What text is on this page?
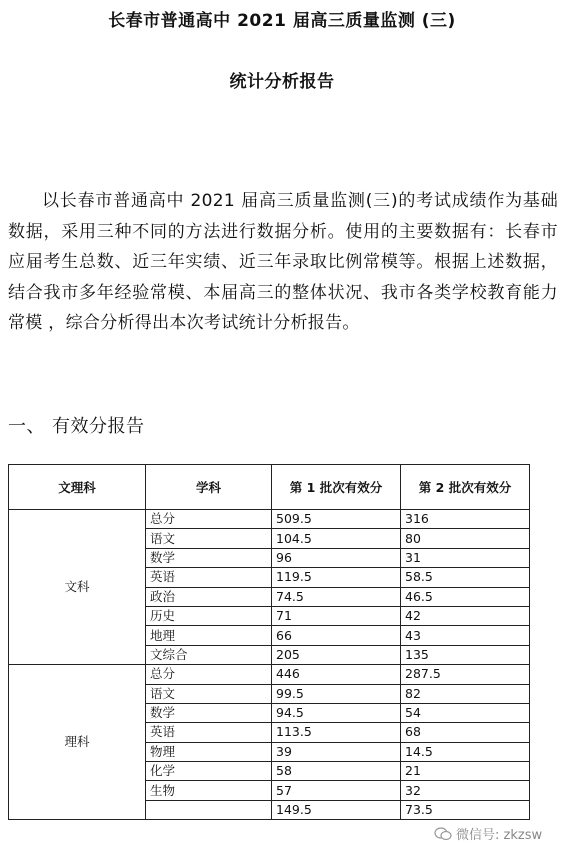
长春市普通高中 2021 届高三质量监测 (三)
统计分析报告
以长春市普通高中 2021 届高三质量监测(三)的考试成绩作为基础数据，采用三种不同的方法进行数据分析。使用的主要数据有：长春市应届考生总数、近三年实绩、近三年录取比例常模等。根据上述数据，结合我市多年经验常模、本届高三的整体状况、我市各类学校教育能力常模 ，综合分析得出本次考试统计分析报告。
一、 有效分报告
文理科	学科	第 1 批次有效分	第 2 批次有效分
文科	总分	509.5	316
	语文	104.5	80
	数学	96	31
	英语	119.5	58.5
	政治	74.5	46.5
	历史	71	42
	地理	66	43
	文综合	205	135
理科	总分	446	287.5
	语文	99.5	82
	数学	94.5	54
	英语	113.5	68
	物理	39	14.5
	化学	58	21
	生物	57	32
		149.5	73.5
微信号: zkzsw
